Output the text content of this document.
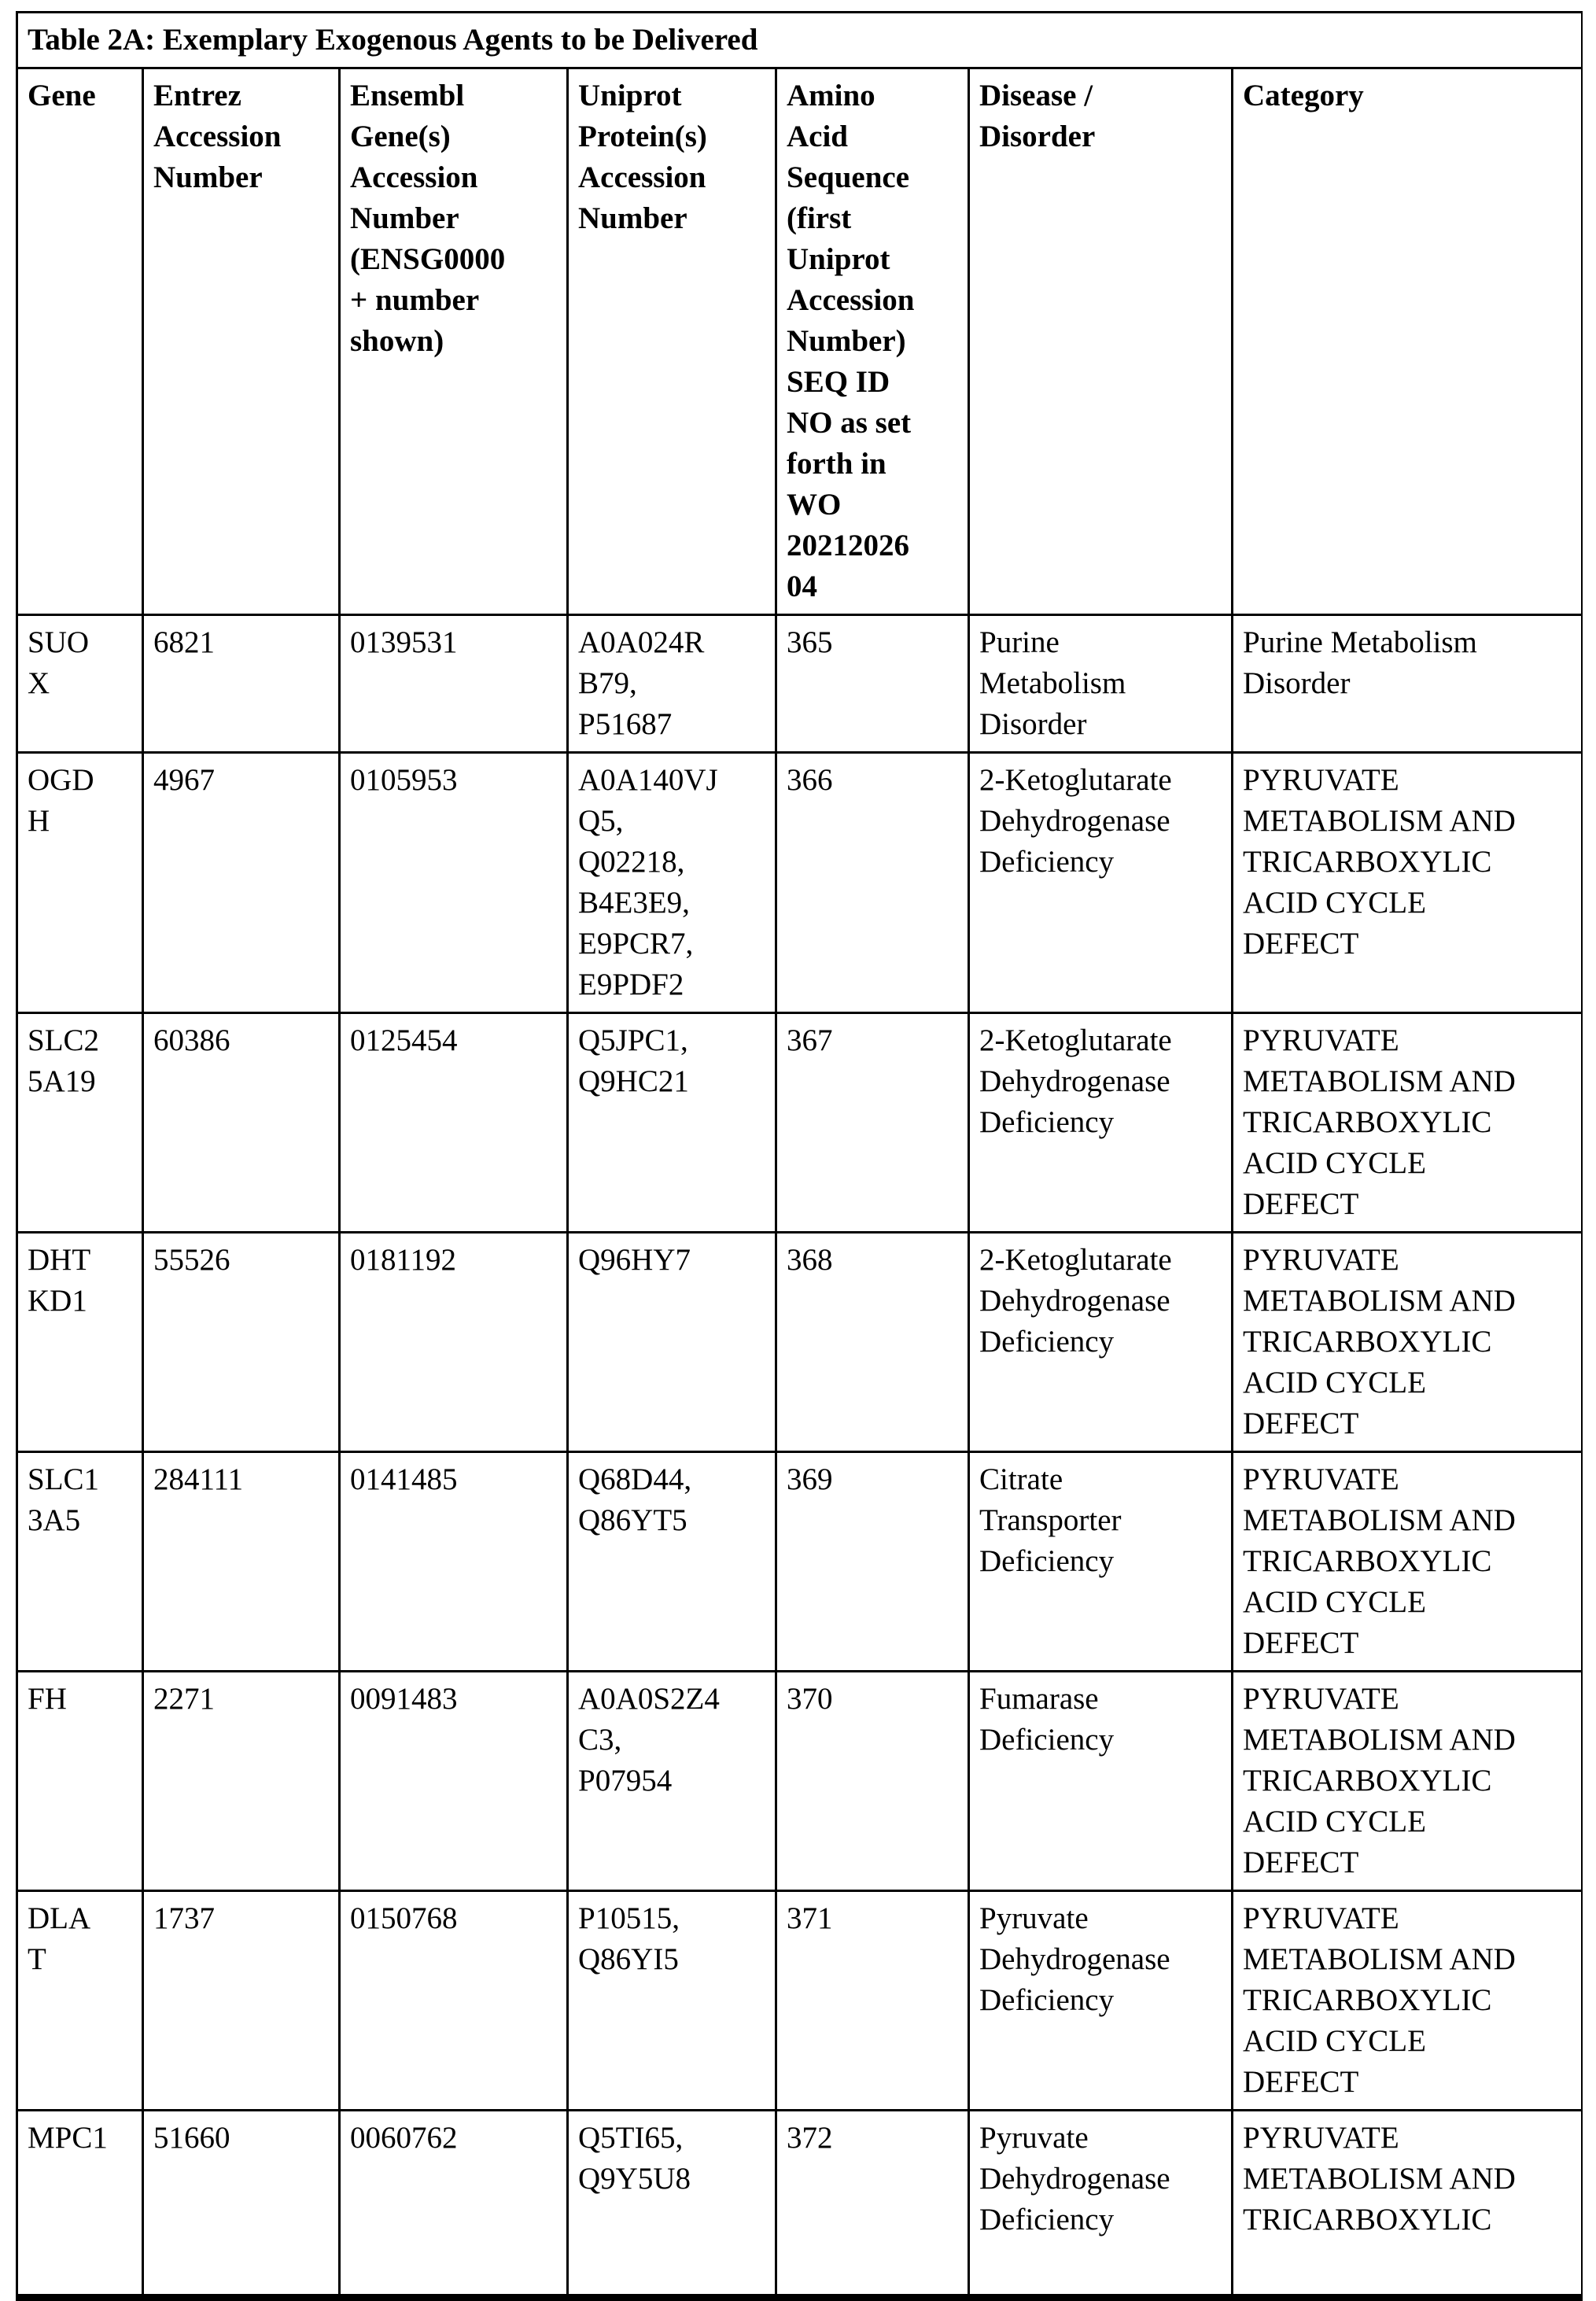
Table 2A: Exemplary Exogenous Agents to be Delivered						
Gene	Entrez
Accession
Number	Ensembl
Gene(s)
Accession
Number
(ENSG0000
+ number
shown)	Uniprot
Protein(s)
Accession
Number	Amino
Acid
Sequence
(first
Uniprot
Accession
Number)
SEQ ID
NO as set
forth in
WO
20212026
04	Disease /
Disorder	Category
SUO
X	6821	0139531	A0A024R
B79,
P51687	365	Purine
Metabolism
Disorder	Purine Metabolism
Disorder
OGD
H	4967	0105953	A0A140VJ
Q5,
Q02218,
B4E3E9,
E9PCR7,
E9PDF2	366	2-Ketoglutarate
Dehydrogenase
Deficiency	PYRUVATE
METABOLISM AND
TRICARBOXYLIC
ACID CYCLE
DEFECT
SLC2
5A19	60386	0125454	Q5JPC1,
Q9HC21	367	2-Ketoglutarate
Dehydrogenase
Deficiency	PYRUVATE
METABOLISM AND
TRICARBOXYLIC
ACID CYCLE
DEFECT
DHT
KD1	55526	0181192	Q96HY7	368	2-Ketoglutarate
Dehydrogenase
Deficiency	PYRUVATE
METABOLISM AND
TRICARBOXYLIC
ACID CYCLE
DEFECT
SLC1
3A5	284111	0141485	Q68D44,
Q86YT5	369	Citrate
Transporter
Deficiency	PYRUVATE
METABOLISM AND
TRICARBOXYLIC
ACID CYCLE
DEFECT
FH	2271	0091483	A0A0S2Z4
C3,
P07954	370	Fumarase
Deficiency	PYRUVATE
METABOLISM AND
TRICARBOXYLIC
ACID CYCLE
DEFECT
DLA
T	1737	0150768	P10515,
Q86YI5	371	Pyruvate
Dehydrogenase
Deficiency	PYRUVATE
METABOLISM AND
TRICARBOXYLIC
ACID CYCLE
DEFECT
MPC1	51660	0060762	Q5TI65,
Q9Y5U8	372	Pyruvate
Dehydrogenase
Deficiency	PYRUVATE
METABOLISM AND
TRICARBOXYLIC
